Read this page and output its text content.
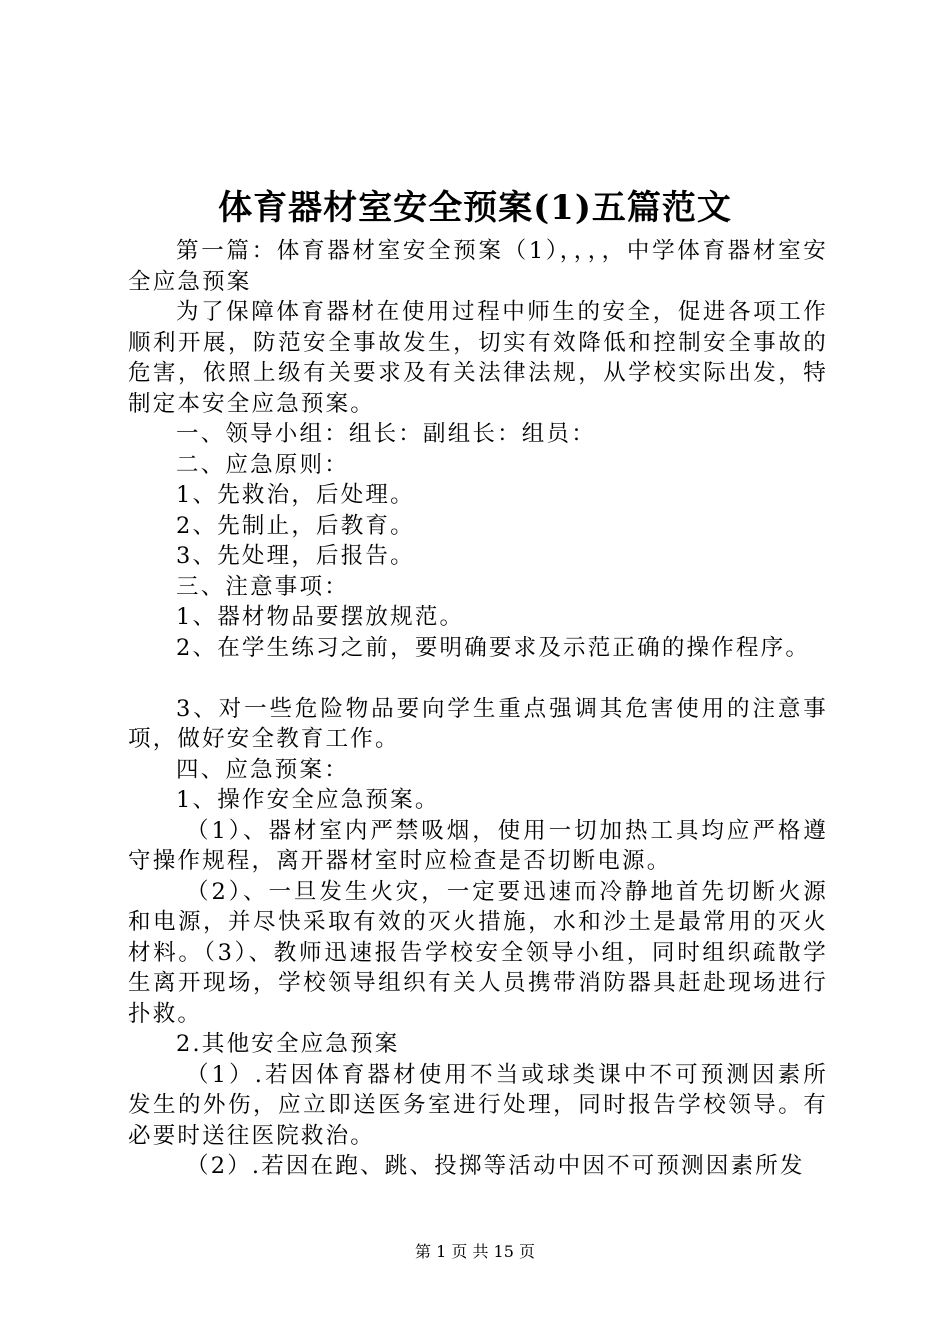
体育器材室安全预案(1)五篇范文

第一篇：体育器材室安全预案（1），，，，中学体育器材室安全应急预案

为了保障体育器材在使用过程中师生的安全，促进各项工作顺利开展，防范安全事故发生，切实有效降低和控制安全事故的危害，依照上级有关要求及有关法律法规，从学校实际出发，特制定本安全应急预案。

一、领导小组：组长：副组长：组员：

二、应急原则：

1、先救治，后处理。

2、先制止，后教育。

3、先处理，后报告。

三、注意事项：

1、器材物品要摆放规范。

2、在学生练习之前，要明确要求及示范正确的操作程序。

3、对一些危险物品要向学生重点强调其危害使用的注意事项，做好安全教育工作。

四、应急预案：

1、操作安全应急预案。

（1）、器材室内严禁吸烟，使用一切加热工具均应严格遵守操作规程，离开器材室时应检查是否切断电源。

（2）、一旦发生火灾，一定要迅速而冷静地首先切断火源和电源，并尽快采取有效的灭火措施，水和沙土是最常用的灭火材料。（3）、教师迅速报告学校安全领导小组，同时组织疏散学生离开现场，学校领导组织有关人员携带消防器具赶赴现场进行扑救。

2.其他安全应急预案

（1）.若因体育器材使用不当或球类课中不可预测因素所发生的外伤，应立即送医务室进行处理，同时报告学校领导。有必要时送往医院救治。

（2）.若因在跑、跳、投掷等活动中因不可预测因素所发

第 1 页 共 15 页
